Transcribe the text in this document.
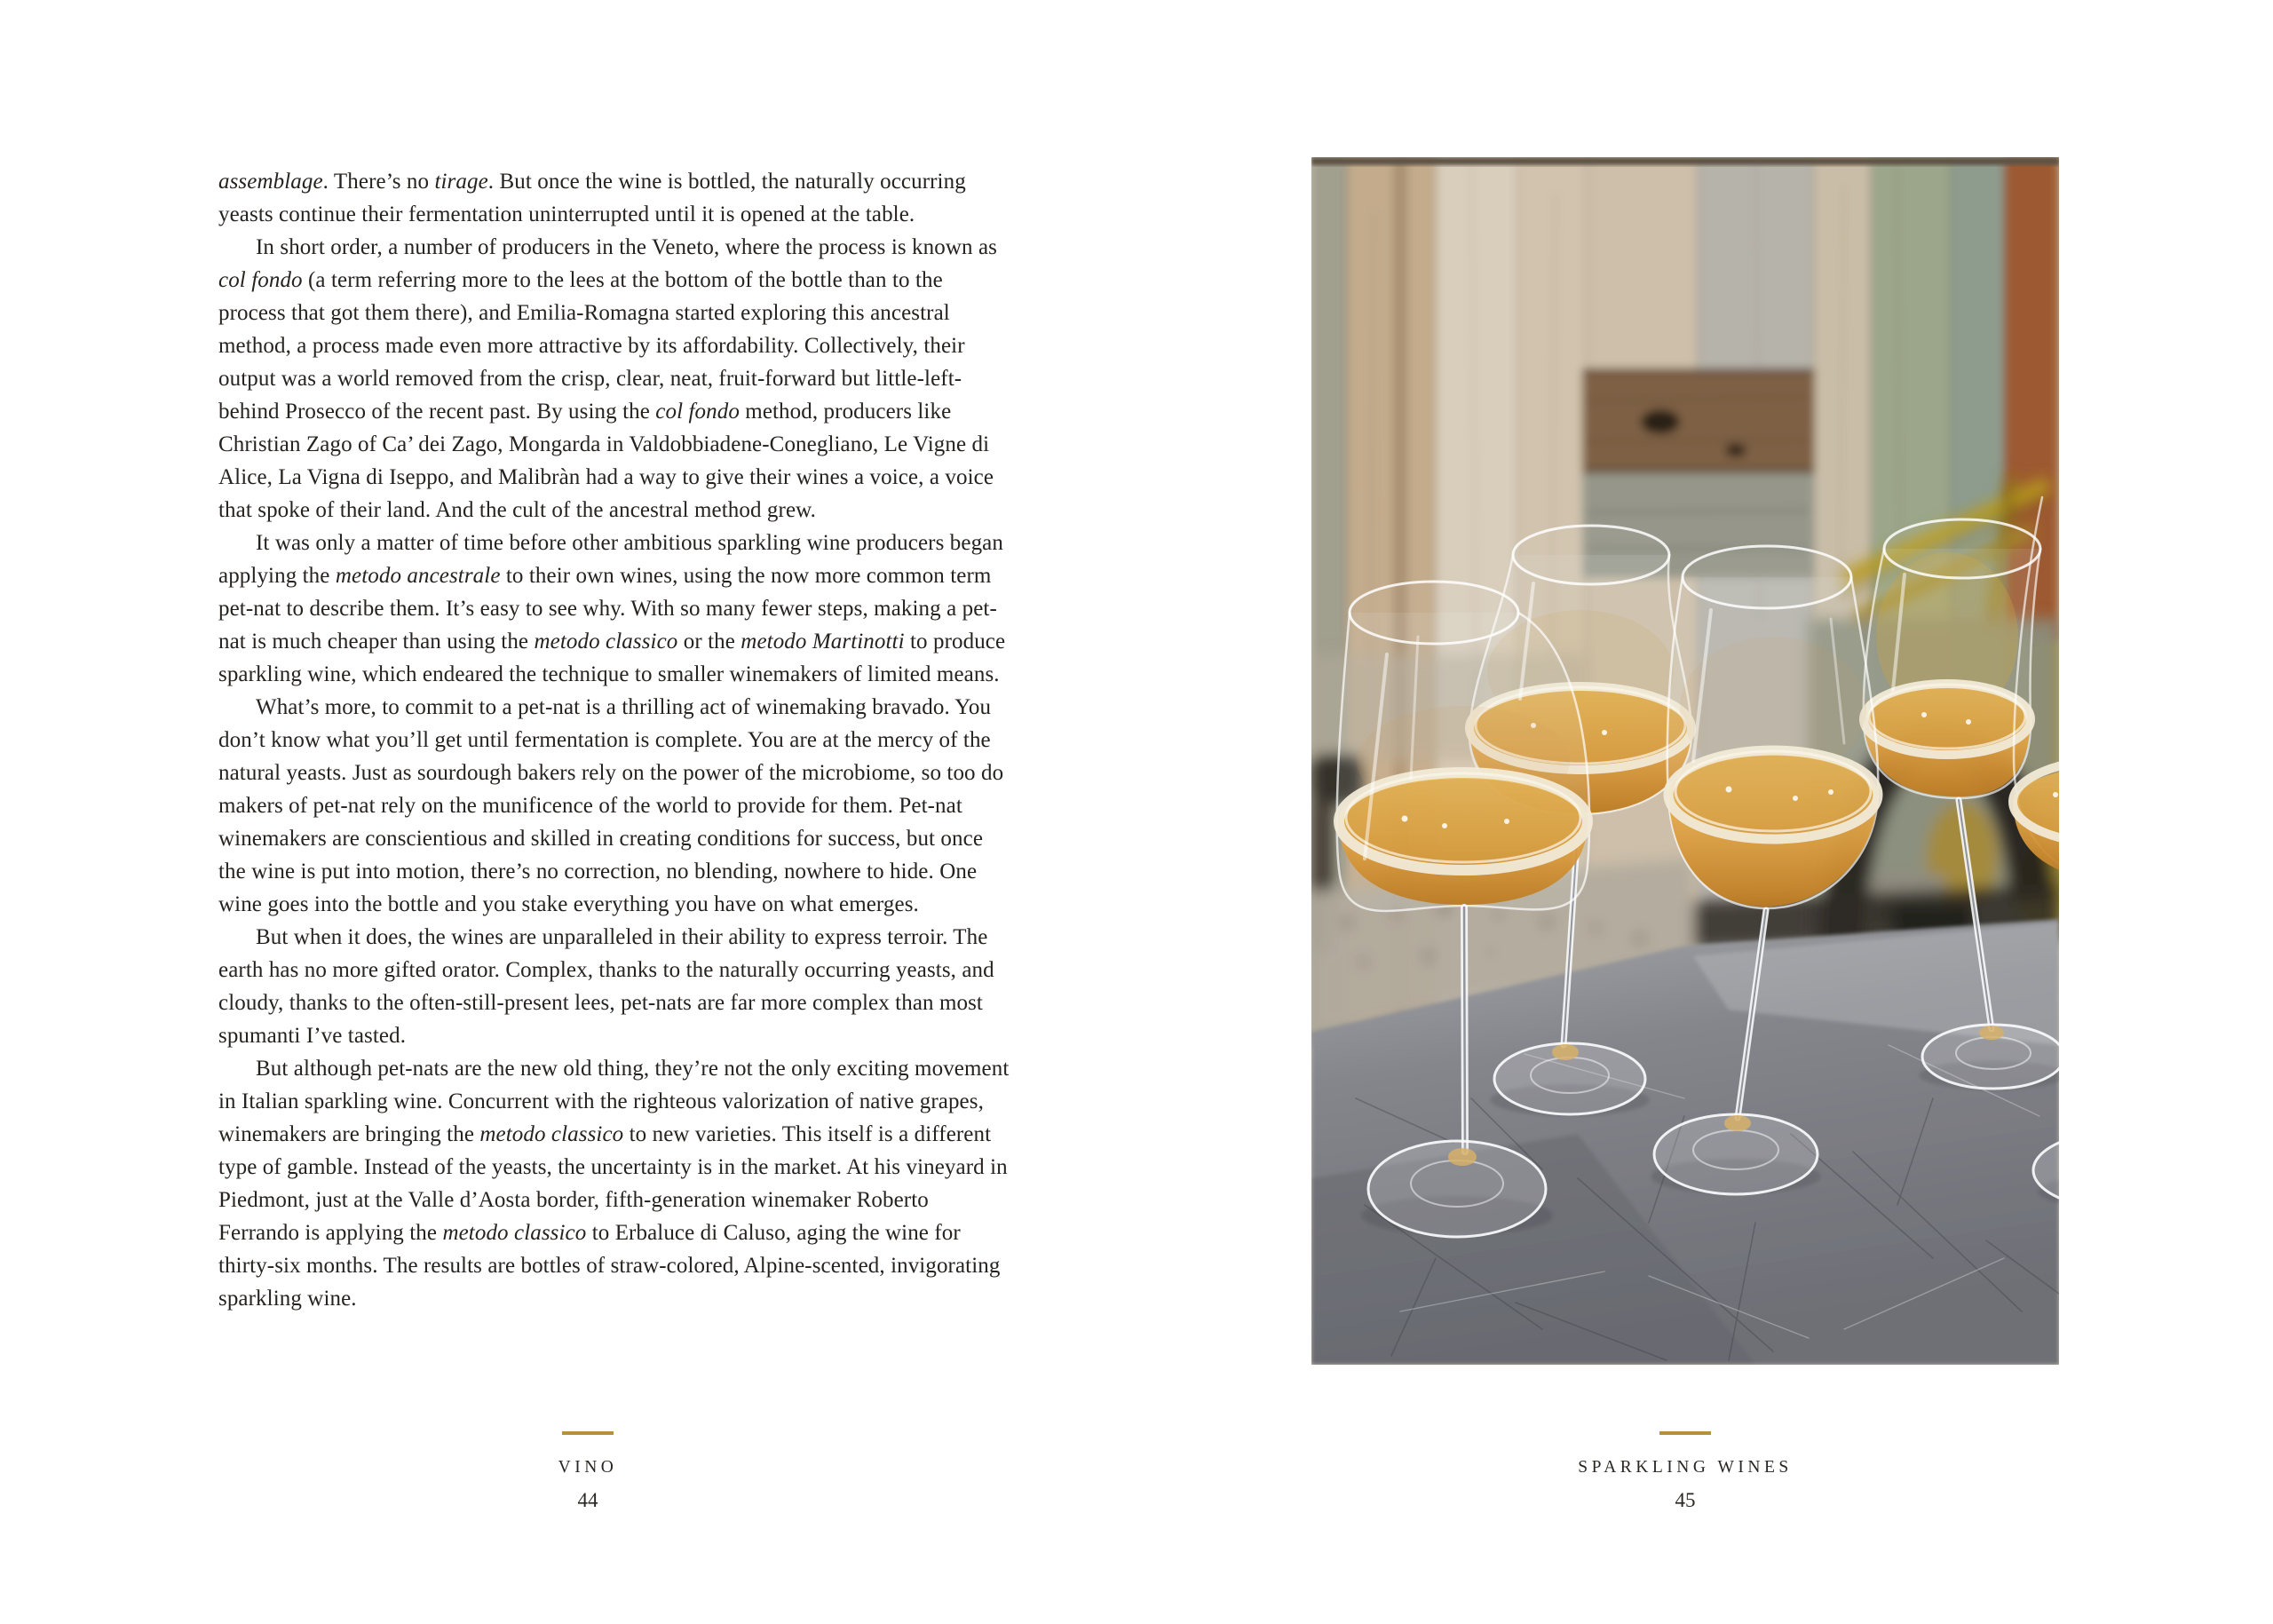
assemblage. There’s no tirage. But once the wine is bottled, the naturally occurring yeasts continue their fermentation uninterrupted until it is opened at the table.

In short order, a number of producers in the Veneto, where the process is known as col fondo (a term referring more to the lees at the bottom of the bottle than to the process that got them there), and Emilia-Romagna started exploring this ancestral method, a process made even more attractive by its affordability. Collectively, their output was a world removed from the crisp, clear, neat, fruit-forward but little-left-behind Prosecco of the recent past. By using the col fondo method, producers like Christian Zago of Ca’ dei Zago, Mongarda in Valdobbiadene-Conegliano, Le Vigne di Alice, La Vigna di Iseppo, and Malibràn had a way to give their wines a voice, a voice that spoke of their land. And the cult of the ancestral method grew.

It was only a matter of time before other ambitious sparkling wine producers began applying the metodo ancestrale to their own wines, using the now more common term pet-nat to describe them. It’s easy to see why. With so many fewer steps, making a pet-nat is much cheaper than using the metodo classico or the metodo Martinotti to produce sparkling wine, which endeared the technique to smaller winemakers of limited means.

What’s more, to commit to a pet-nat is a thrilling act of winemaking bravado. You don’t know what you’ll get until fermentation is complete. You are at the mercy of the natural yeasts. Just as sourdough bakers rely on the power of the microbiome, so too do makers of pet-nat rely on the munificence of the world to provide for them. Pet-nat winemakers are conscientious and skilled in creating conditions for success, but once the wine is put into motion, there’s no correction, no blending, nowhere to hide. One wine goes into the bottle and you stake everything you have on what emerges.

But when it does, the wines are unparalleled in their ability to express terroir. The earth has no more gifted orator. Complex, thanks to the naturally occurring yeasts, and cloudy, thanks to the often-still-present lees, pet-nats are far more complex than most spumanti I’ve tasted.

But although pet-nats are the new old thing, they’re not the only exciting movement in Italian sparkling wine. Concurrent with the righteous valorization of native grapes, winemakers are bringing the metodo classico to new varieties. This itself is a different type of gamble. Instead of the yeasts, the uncertainty is in the market. At his vineyard in Piedmont, just at the Valle d’Aosta border, fifth-generation winemaker Roberto Ferrando is applying the metodo classico to Erbaluce di Caluso, aging the wine for thirty-six months. The results are bottles of straw-colored, Alpine-scented, invigorating sparkling wine.

VINO
44
SPARKLING WINES
45
